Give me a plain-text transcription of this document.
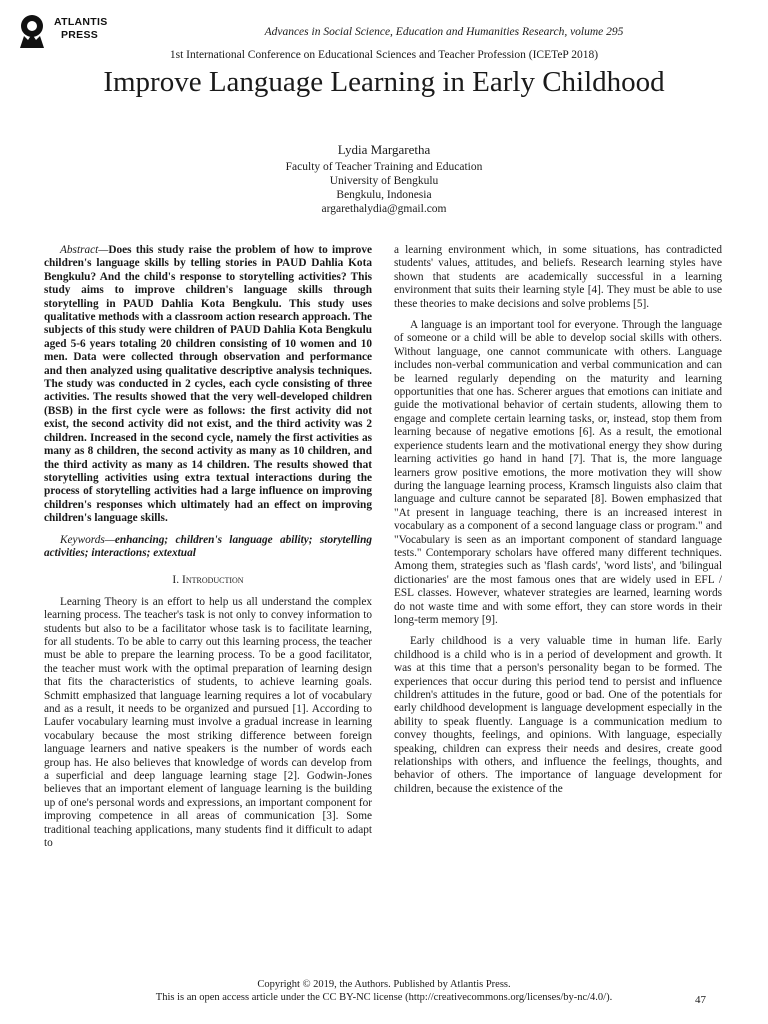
ATLANTIS
PRESS	Advances in Social Science, Education and Humanities Research, volume 295
1st International Conference on Educational Sciences and Teacher Profession (ICETeP 2018)
Improve Language Learning in Early Childhood
Lydia Margaretha
Faculty of Teacher Training and Education
University of Bengkulu
Bengkulu, Indonesia
argarethalydia@gmail.com

Abstract—Does this study raise the problem of how to improve children's language skills by telling stories in PAUD Dahlia Kota Bengkulu? And the child's response to storytelling activities? This study aims to improve children's language skills through storytelling in PAUD Dahlia Kota Bengkulu. This study uses qualitative methods with a classroom action research approach. The subjects of this study were children of PAUD Dahlia Kota Bengkulu aged 5-6 years totaling 20 children consisting of 10 women and 10 men. Data were collected through observation and performance and then analyzed using qualitative descriptive analysis techniques. The study was conducted in 2 cycles, each cycle consisting of three activities. The results showed that the very well-developed children (BSB) in the first cycle were as follows: the first activity did not exist, the second activity did not exist, and the third activity was 2 children. Increased in the second cycle, namely the first activities as many as 8 children, the second activity as many as 10 children, and the third activity as many as 14 children. The results showed that storytelling activities using extra textual interactions during the process of storytelling activities had a large influence on improving children's responses which ultimately had an effect on improving children's language skills.

Keywords—enhancing; children's language ability; storytelling activities; interactions; extextual

I. Introduction

Learning Theory is an effort to help us all understand the complex learning process. The teacher's task is not only to convey information to students but also to be a facilitator whose task is to facilitate learning, for all students. To be able to carry out this learning process, the teacher must be able to prepare the learning process. To be a good facilitator, the teacher must work with the optimal preparation of learning design that fits the characteristics of students, to achieve learning goals. Schmitt emphasized that language learning requires a lot of vocabulary and as a result, it needs to be organized and pursued [1]. According to Laufer vocabulary learning must involve a gradual increase in learning vocabulary because the most striking difference between foreign language learners and native speakers is the number of words each group has. He also believes that knowledge of words can develop from a superficial and deep language learning stage [2]. Godwin-Jones believes that an important element of language learning is the building up of one's personal words and expressions, an important component for improving competence in all areas of communication [3]. Some traditional teaching applications, many students find it difficult to adapt to

a learning environment which, in some situations, has contradicted students' values, attitudes, and beliefs. Research learning styles have shown that students are academically successful in a learning environment that suits their learning style [4]. They must be able to use these theories to make decisions and solve problems [5].

A language is an important tool for everyone. Through the language of someone or a child will be able to develop social skills with others. Without language, one cannot communicate with others. Language includes non-verbal communication and verbal communication and can be learned regularly depending on the maturity and learning opportunities that one has. Scherer argues that emotions can initiate and guide the motivational behavior of certain students, allowing them to engage and complete certain learning tasks, or, instead, stop them from learning because of negative emotions [6]. As a result, the emotional experience students learn and the motivational energy they show during learning activities go hand in hand [7]. That is, the more language learners grow positive emotions, the more motivation they will show during the language learning process, Kramsch linguists also claim that language and culture cannot be separated [8]. Bowen emphasized that "At present in language teaching, there is an increased interest in vocabulary as a component of a second language class or program." and "Vocabulary is seen as an important component of standard language tests." Contemporary scholars have offered many different techniques. Among them, strategies such as 'flash cards', 'word lists', and 'bilingual dictionaries' are the most famous ones that are widely used in EFL / ESL classes. However, whatever strategies are learned, learning words do not waste time and with some effort, they can store words in their long-term memory [9].

Early childhood is a very valuable time in human life. Early childhood is a child who is in a period of development and growth. It was at this time that a person's personality began to be formed. The experiences that occur during this period tend to persist and influence children's attitudes in the future, good or bad. One of the potentials for early childhood development is language development especially in the ability to speak fluently. Language is a communication medium to convey thoughts, feelings, and opinions. With language, especially speaking, children can express their needs and desires, create good relationships with others, and influence the feelings, thoughts, and behavior of others. The importance of language development for children, because the existence of the

Copyright © 2019, the Authors. Published by Atlantis Press.
This is an open access article under the CC BY-NC license (http://creativecommons.org/licenses/by-nc/4.0/).	47
